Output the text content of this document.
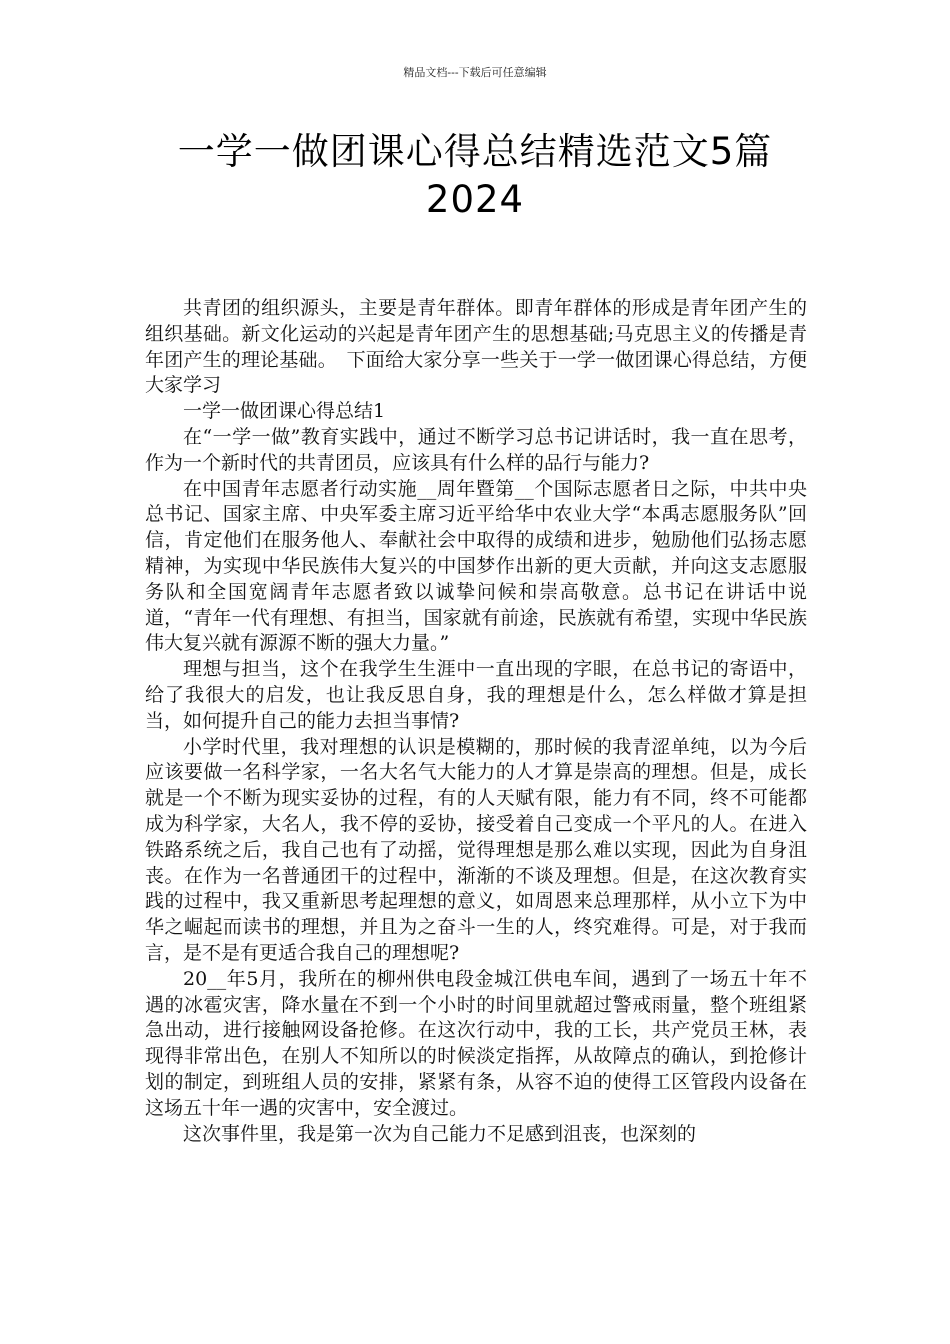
精品文档---下载后可任意编辑
一学一做团课心得总结精选范文5篇
2024

共青团的组织源头，主要是青年群体。即青年群体的形成是青年团产生的组织基础。新文化运动的兴起是青年团产生的思想基础;马克思主义的传播是青年团产生的理论基础。　下面给大家分享一些关于一学一做团课心得总结，方便大家学习

一学一做团课心得总结1

在“一学一做”教育实践中，通过不断学习总书记讲话时，我一直在思考，作为一个新时代的共青团员，应该具有什么样的品行与能力?

在中国青年志愿者行动实施__周年暨第__个国际志愿者日之际，中共中央总书记、国家主席、中央军委主席习近平给华中农业大学“本禹志愿服务队”回信，肯定他们在服务他人、奉献社会中取得的成绩和进步，勉励他们弘扬志愿精神，为实现中华民族伟大复兴的中国梦作出新的更大贡献，并向这支志愿服务队和全国宽阔青年志愿者致以诚挚问候和崇高敬意。总书记在讲话中说道，“青年一代有理想、有担当，国家就有前途，民族就有希望，实现中华民族伟大复兴就有源源不断的强大力量。”

理想与担当，这个在我学生生涯中一直出现的字眼，在总书记的寄语中，给了我很大的启发，也让我反思自身，我的理想是什么，怎么样做才算是担当，如何提升自己的能力去担当事情?

小学时代里，我对理想的认识是模糊的，那时候的我青涩单纯，以为今后应该要做一名科学家，一名大名气大能力的人才算是崇高的理想。但是，成长就是一个不断为现实妥协的过程，有的人天赋有限，能力有不同，终不可能都成为科学家，大名人，我不停的妥协，接受着自己变成一个平凡的人。在进入铁路系统之后，我自己也有了动摇，觉得理想是那么难以实现，因此为自身沮丧。在作为一名普通团干的过程中，渐渐的不谈及理想。但是，在这次教育实践的过程中，我又重新思考起理想的意义，如周恩来总理那样，从小立下为中华之崛起而读书的理想，并且为之奋斗一生的人，终究难得。可是，对于我而言，是不是有更适合我自己的理想呢?

20__年5月，我所在的柳州供电段金城江供电车间，遇到了一场五十年不遇的冰雹灾害，降水量在不到一个小时的时间里就超过警戒雨量，整个班组紧急出动，进行接触网设备抢修。在这次行动中，我的工长，共产党员王林，表现得非常出色，在别人不知所以的时候淡定指挥，从故障点的确认，到抢修计划的制定，到班组人员的安排，紧紧有条，从容不迫的使得工区管段内设备在这场五十年一遇的灾害中，安全渡过。

这次事件里，我是第一次为自己能力不足感到沮丧，也深刻的
